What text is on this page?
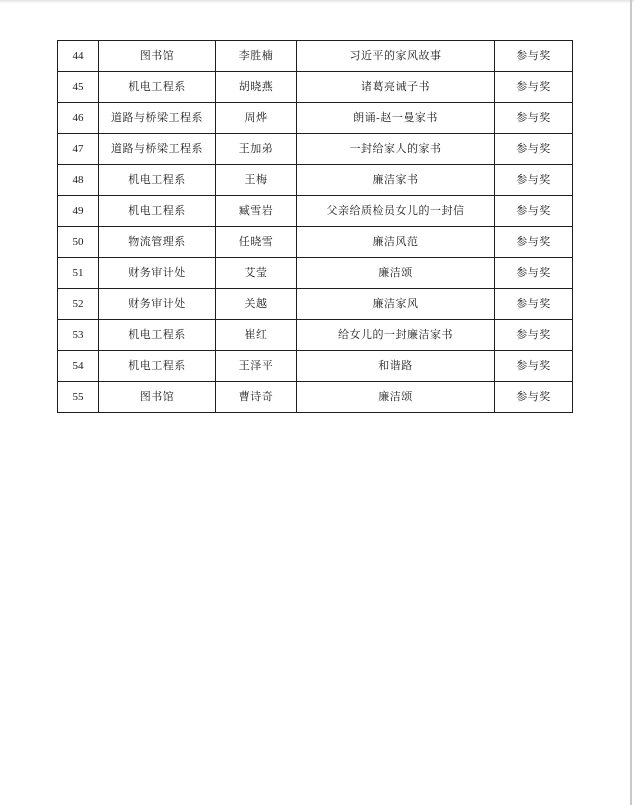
44	图书馆	李胜楠	习近平的家风故事	参与奖
45	机电工程系	胡晓燕	诸葛亮诫子书	参与奖
46	道路与桥梁工程系	周烨	朗诵-赵一曼家书	参与奖
47	道路与桥梁工程系	王加弟	一封给家人的家书	参与奖
48	机电工程系	王梅	廉洁家书	参与奖
49	机电工程系	臧雪岩	父亲给质检员女儿的一封信	参与奖
50	物流管理系	任晓雪	廉洁风范	参与奖
51	财务审计处	艾莹	廉洁颂	参与奖
52	财务审计处	关越	廉洁家风	参与奖
53	机电工程系	崔红	给女儿的一封廉洁家书	参与奖
54	机电工程系	王泽平	和谐路	参与奖
55	图书馆	曹诗奇	廉洁颂	参与奖
